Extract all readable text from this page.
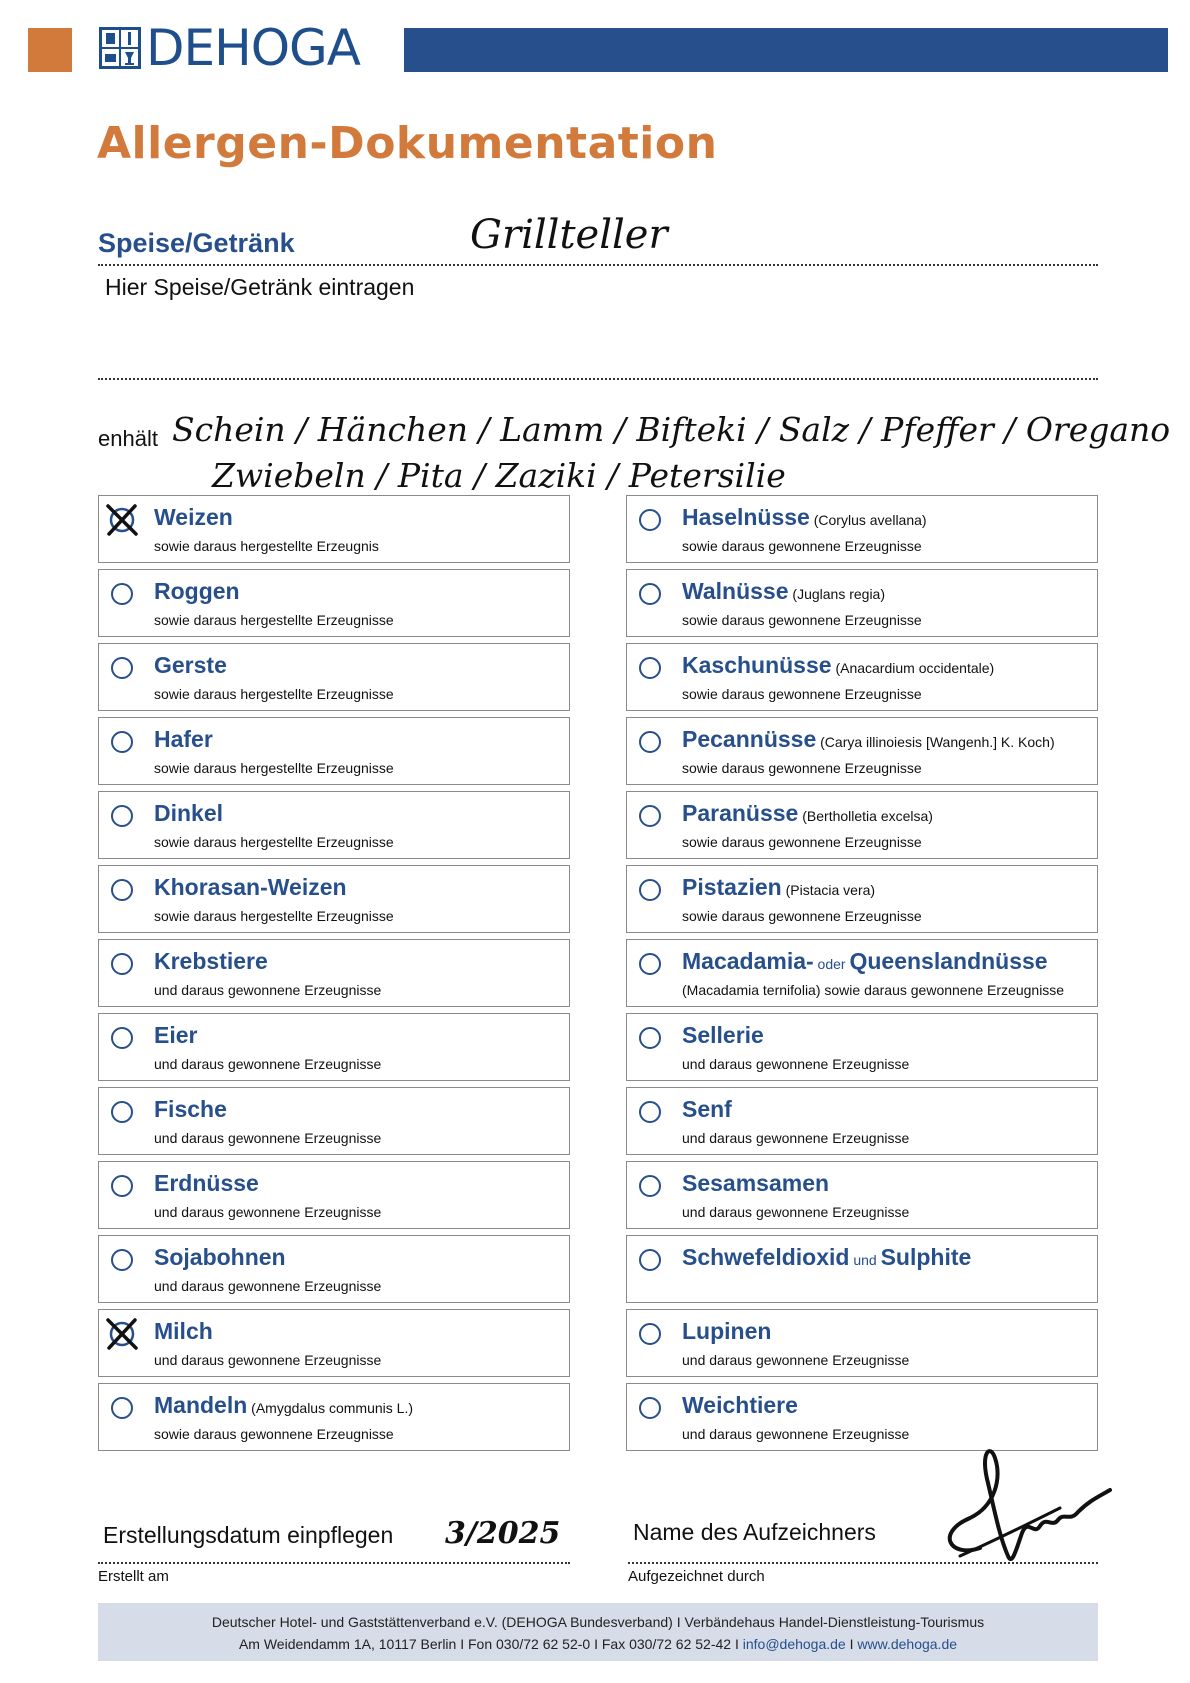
DEHOGA
Allergen-Dokumentation
Speise/Getränk	Grillteller
Hier Speise/Getränk eintragen
enhält Schein / Hänchen / Lamm / Bifteki / Salz / Pfeffer / Oregano
Zwiebeln / Pita / Zaziki / Petersilie
Weizen
sowie daraus hergestellte Erzeugnis
Roggen
sowie daraus hergestellte Erzeugnisse
Gerste
sowie daraus hergestellte Erzeugnisse
Hafer
sowie daraus hergestellte Erzeugnisse
Dinkel
sowie daraus hergestellte Erzeugnisse
Khorasan-Weizen
sowie daraus hergestellte Erzeugnisse
Krebstiere
und daraus gewonnene Erzeugnisse
Eier
und daraus gewonnene Erzeugnisse
Fische
und daraus gewonnene Erzeugnisse
Erdnüsse
und daraus gewonnene Erzeugnisse
Sojabohnen
und daraus gewonnene Erzeugnisse
Milch
und daraus gewonnene Erzeugnisse
Mandeln (Amygdalus communis L.)
sowie daraus gewonnene Erzeugnisse
Haselnüsse (Corylus avellana)
sowie daraus gewonnene Erzeugnisse
Walnüsse (Juglans regia)
sowie daraus gewonnene Erzeugnisse
Kaschunüsse (Anacardium occidentale)
sowie daraus gewonnene Erzeugnisse
Pecannüsse (Carya illinoiesis [Wangenh.] K. Koch)
sowie daraus gewonnene Erzeugnisse
Paranüsse (Bertholletia excelsa)
sowie daraus gewonnene Erzeugnisse
Pistazien (Pistacia vera)
sowie daraus gewonnene Erzeugnisse
Macadamia- oder Queenslandnüsse
(Macadamia ternifolia) sowie daraus gewonnene Erzeugnisse
Sellerie
und daraus gewonnene Erzeugnisse
Senf
und daraus gewonnene Erzeugnisse
Sesamsamen
und daraus gewonnene Erzeugnisse
Schwefeldioxid und Sulphite
Lupinen
und daraus gewonnene Erzeugnisse
Weichtiere
und daraus gewonnene Erzeugnisse
Erstellungsdatum einpflegen 3/2025
Erstellt am
Name des Aufzeichners
Aufgezeichnet durch
Deutscher Hotel- und Gaststättenverband e.V. (DEHOGA Bundesverband) I Verbändehaus Handel-Dienstleistung-Tourismus
Am Weidendamm 1A, 10117 Berlin I Fon 030/72 62 52-0 I Fax 030/72 62 52-42 I info@dehoga.de I www.dehoga.de
